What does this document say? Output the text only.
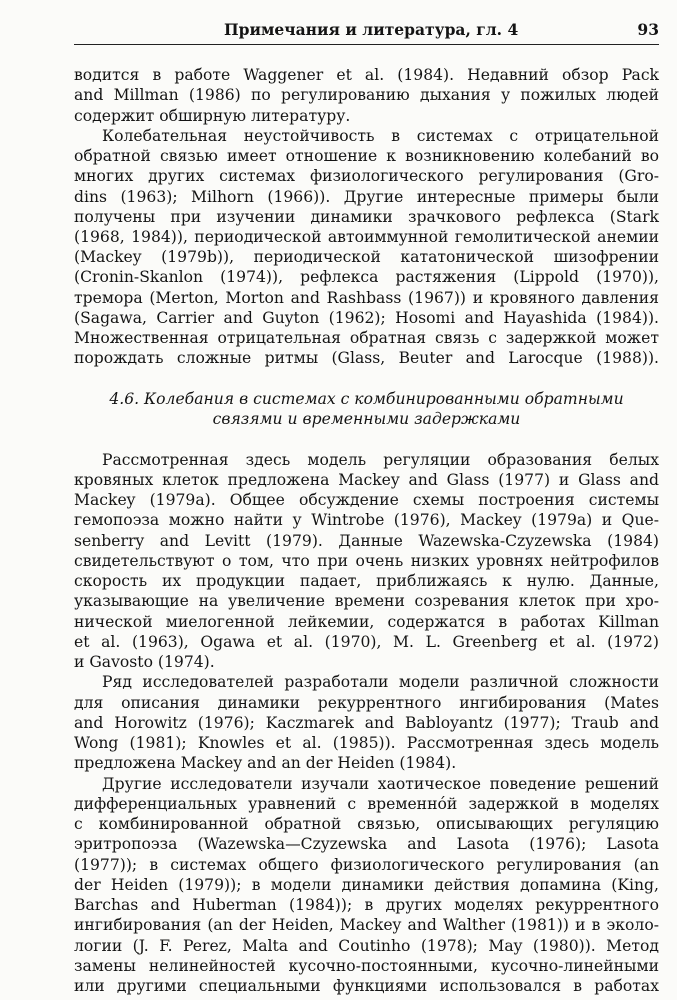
Примечания и литература, гл. 4	93
водится в работе Waggener et al. (1984). Недавний обзор Pack
and Millman (1986) по регулированию дыхания у пожилых людей
содержит обширную литературу.
Колебательная неустойчивость в системах с отрицательной
обратной связью имеет отношение к возникновению колебаний во
многих других системах физиологического регулирования (Gro-
dins (1963); Milhorn (1966)). Другие интересные примеры были
получены при изучении динамики зрачкового рефлекса (Stark
(1968, 1984)), периодической автоиммунной гемолитической анемии
(Mackey (1979b)), периодической кататонической шизофрении
(Cronin-Skanlon (1974)), рефлекса растяжения (Lippold (1970)),
тремора (Merton, Morton and Rashbass (1967)) и кровяного давления
(Sagawa, Carrier and Guyton (1962); Hosomi and Hayashida (1984)).
Множественная отрицательная обратная связь с задержкой может
порождать сложные ритмы (Glass, Beuter and Larocque (1988)).
4.6. Колебания в системах с комбинированными обратными
связями и временными задержками
Рассмотренная здесь модель регуляции образования белых
кровяных клеток предложена Mackey and Glass (1977) и Glass and
Mackey (1979a). Общее обсуждение схемы построения системы
гемопоэза можно найти у Wintrobe (1976), Mackey (1979a) и Que-
senberry and Levitt (1979). Данные Wazewska-Czyzewska (1984)
свидетельствуют о том, что при очень низких уровнях нейтрофилов
скорость их продукции падает, приближаясь к нулю. Данные,
указывающие на увеличение времени созревания клеток при хро-
нической миелогенной лейкемии, содержатся в работах Killman
et al. (1963), Ogawa et al. (1970), M. L. Greenberg et al. (1972)
и Gavosto (1974).
Ряд исследователей разработали модели различной сложности
для описания динамики рекуррентного ингибирования (Mates
and Horowitz (1976); Kaczmarek and Babloyantz (1977); Traub and
Wong (1981); Knowles et al. (1985)). Рассмотренная здесь модель
предложена Mackey and an der Heiden (1984).
Другие исследователи изучали хаотическое поведение решений
дифференциальных уравнений с временно́й задержкой в моделях
с комбинированной обратной связью, описывающих регуляцию
эритропоэза (Wazewska—Czyzewska and Lasota (1976); Lasota
(1977)); в системах общего физиологического регулирования (an
der Heiden (1979)); в модели динамики действия допамина (King,
Barchas and Huberman (1984)); в других моделях рекуррентного
ингибирования (an der Heiden, Mackey and Walther (1981)) и в эколо-
логии (J. F. Perez, Malta and Coutinho (1978); May (1980)). Метод
замены нелинейностей кусочно-постоянными, кусочно-линейными
или другими специальными функциями использовался в работах
